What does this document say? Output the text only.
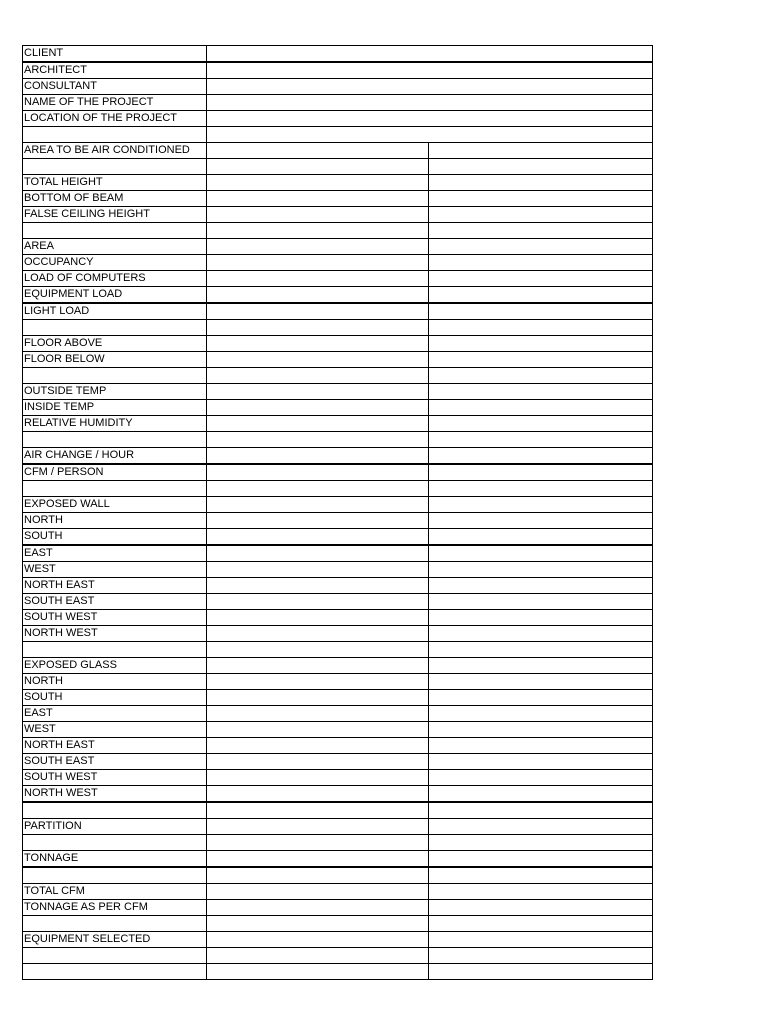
CLIENT		
ARCHITECT		
CONSULTANT		
NAME OF THE PROJECT		
LOCATION OF THE PROJECT		

AREA TO BE AIR CONDITIONED		

TOTAL HEIGHT		
BOTTOM OF BEAM		
FALSE CEILING HEIGHT		

AREA		
OCCUPANCY		
LOAD OF COMPUTERS		
EQUIPMENT LOAD		
LIGHT LOAD		

FLOOR ABOVE		
FLOOR BELOW		

OUTSIDE TEMP		
INSIDE TEMP		
RELATIVE HUMIDITY		

AIR CHANGE / HOUR		
CFM / PERSON		

EXPOSED WALL		
NORTH		
SOUTH		
EAST		
WEST		
NORTH EAST		
SOUTH EAST		
SOUTH WEST		
NORTH WEST		

EXPOSED GLASS		
NORTH		
SOUTH		
EAST		
WEST		
NORTH EAST		
SOUTH EAST		
SOUTH WEST		
NORTH WEST		

PARTITION		

TONNAGE		

TOTAL CFM		
TONNAGE AS PER CFM		

EQUIPMENT SELECTED		
